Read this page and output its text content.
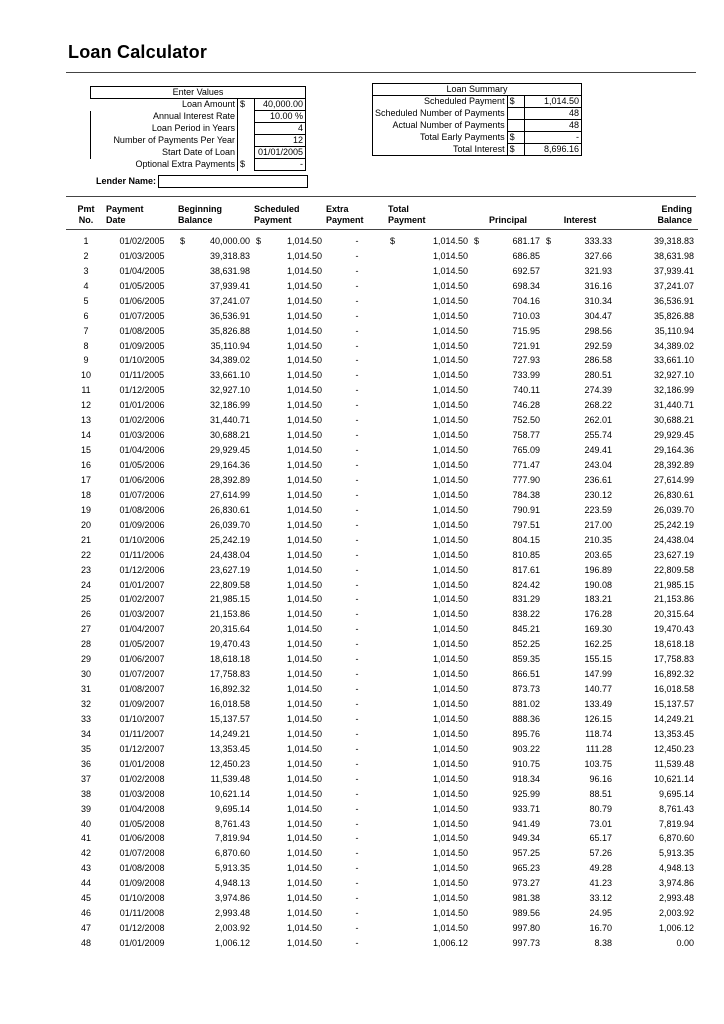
Loan Calculator
Enter Values		
Loan Amount	$	40,000.00
Annual Interest Rate		10.00 %
Loan Period in Years		4
Number of Payments Per Year		12
Start Date of Loan		01/01/2005
Optional Extra Payments	$	-
Loan Summary		
Scheduled Payment	$	1,014.50
Scheduled Number of Payments		48
Actual Number of Payments		48
Total Early Payments	$	-
Total Interest	$	8,696.16
Lender Name:
Pmt	Payment	Beginning	Scheduled	Extra	Total			Ending
No.	Date	Balance	Payment	Payment	Payment	Principal	Interest	Balance

1	01/02/2005	$ 40,000.00	$ 1,014.50	-	$ 1,014.50	$ 681.17	$ 333.33	39,318.83
2	01/03/2005	39,318.83	1,014.50	-	1,014.50	686.85	327.66	38,631.98
3	01/04/2005	38,631.98	1,014.50	-	1,014.50	692.57	321.93	37,939.41
4	01/05/2005	37,939.41	1,014.50	-	1,014.50	698.34	316.16	37,241.07
5	01/06/2005	37,241.07	1,014.50	-	1,014.50	704.16	310.34	36,536.91
6	01/07/2005	36,536.91	1,014.50	-	1,014.50	710.03	304.47	35,826.88
7	01/08/2005	35,826.88	1,014.50	-	1,014.50	715.95	298.56	35,110.94
8	01/09/2005	35,110.94	1,014.50	-	1,014.50	721.91	292.59	34,389.02
9	01/10/2005	34,389.02	1,014.50	-	1,014.50	727.93	286.58	33,661.10
10	01/11/2005	33,661.10	1,014.50	-	1,014.50	733.99	280.51	32,927.10
11	01/12/2005	32,927.10	1,014.50	-	1,014.50	740.11	274.39	32,186.99
12	01/01/2006	32,186.99	1,014.50	-	1,014.50	746.28	268.22	31,440.71
13	01/02/2006	31,440.71	1,014.50	-	1,014.50	752.50	262.01	30,688.21
14	01/03/2006	30,688.21	1,014.50	-	1,014.50	758.77	255.74	29,929.45
15	01/04/2006	29,929.45	1,014.50	-	1,014.50	765.09	249.41	29,164.36
16	01/05/2006	29,164.36	1,014.50	-	1,014.50	771.47	243.04	28,392.89
17	01/06/2006	28,392.89	1,014.50	-	1,014.50	777.90	236.61	27,614.99
18	01/07/2006	27,614.99	1,014.50	-	1,014.50	784.38	230.12	26,830.61
19	01/08/2006	26,830.61	1,014.50	-	1,014.50	790.91	223.59	26,039.70
20	01/09/2006	26,039.70	1,014.50	-	1,014.50	797.51	217.00	25,242.19
21	01/10/2006	25,242.19	1,014.50	-	1,014.50	804.15	210.35	24,438.04
22	01/11/2006	24,438.04	1,014.50	-	1,014.50	810.85	203.65	23,627.19
23	01/12/2006	23,627.19	1,014.50	-	1,014.50	817.61	196.89	22,809.58
24	01/01/2007	22,809.58	1,014.50	-	1,014.50	824.42	190.08	21,985.15
25	01/02/2007	21,985.15	1,014.50	-	1,014.50	831.29	183.21	21,153.86
26	01/03/2007	21,153.86	1,014.50	-	1,014.50	838.22	176.28	20,315.64
27	01/04/2007	20,315.64	1,014.50	-	1,014.50	845.21	169.30	19,470.43
28	01/05/2007	19,470.43	1,014.50	-	1,014.50	852.25	162.25	18,618.18
29	01/06/2007	18,618.18	1,014.50	-	1,014.50	859.35	155.15	17,758.83
30	01/07/2007	17,758.83	1,014.50	-	1,014.50	866.51	147.99	16,892.32
31	01/08/2007	16,892.32	1,014.50	-	1,014.50	873.73	140.77	16,018.58
32	01/09/2007	16,018.58	1,014.50	-	1,014.50	881.02	133.49	15,137.57
33	01/10/2007	15,137.57	1,014.50	-	1,014.50	888.36	126.15	14,249.21
34	01/11/2007	14,249.21	1,014.50	-	1,014.50	895.76	118.74	13,353.45
35	01/12/2007	13,353.45	1,014.50	-	1,014.50	903.22	111.28	12,450.23
36	01/01/2008	12,450.23	1,014.50	-	1,014.50	910.75	103.75	11,539.48
37	01/02/2008	11,539.48	1,014.50	-	1,014.50	918.34	96.16	10,621.14
38	01/03/2008	10,621.14	1,014.50	-	1,014.50	925.99	88.51	9,695.14
39	01/04/2008	9,695.14	1,014.50	-	1,014.50	933.71	80.79	8,761.43
40	01/05/2008	8,761.43	1,014.50	-	1,014.50	941.49	73.01	7,819.94
41	01/06/2008	7,819.94	1,014.50	-	1,014.50	949.34	65.17	6,870.60
42	01/07/2008	6,870.60	1,014.50	-	1,014.50	957.25	57.26	5,913.35
43	01/08/2008	5,913.35	1,014.50	-	1,014.50	965.23	49.28	4,948.13
44	01/09/2008	4,948.13	1,014.50	-	1,014.50	973.27	41.23	3,974.86
45	01/10/2008	3,974.86	1,014.50	-	1,014.50	981.38	33.12	2,993.48
46	01/11/2008	2,993.48	1,014.50	-	1,014.50	989.56	24.95	2,003.92
47	01/12/2008	2,003.92	1,014.50	-	1,014.50	997.80	16.70	1,006.12
48	01/01/2009	1,006.12	1,014.50	-	1,006.12	997.73	8.38	0.00
